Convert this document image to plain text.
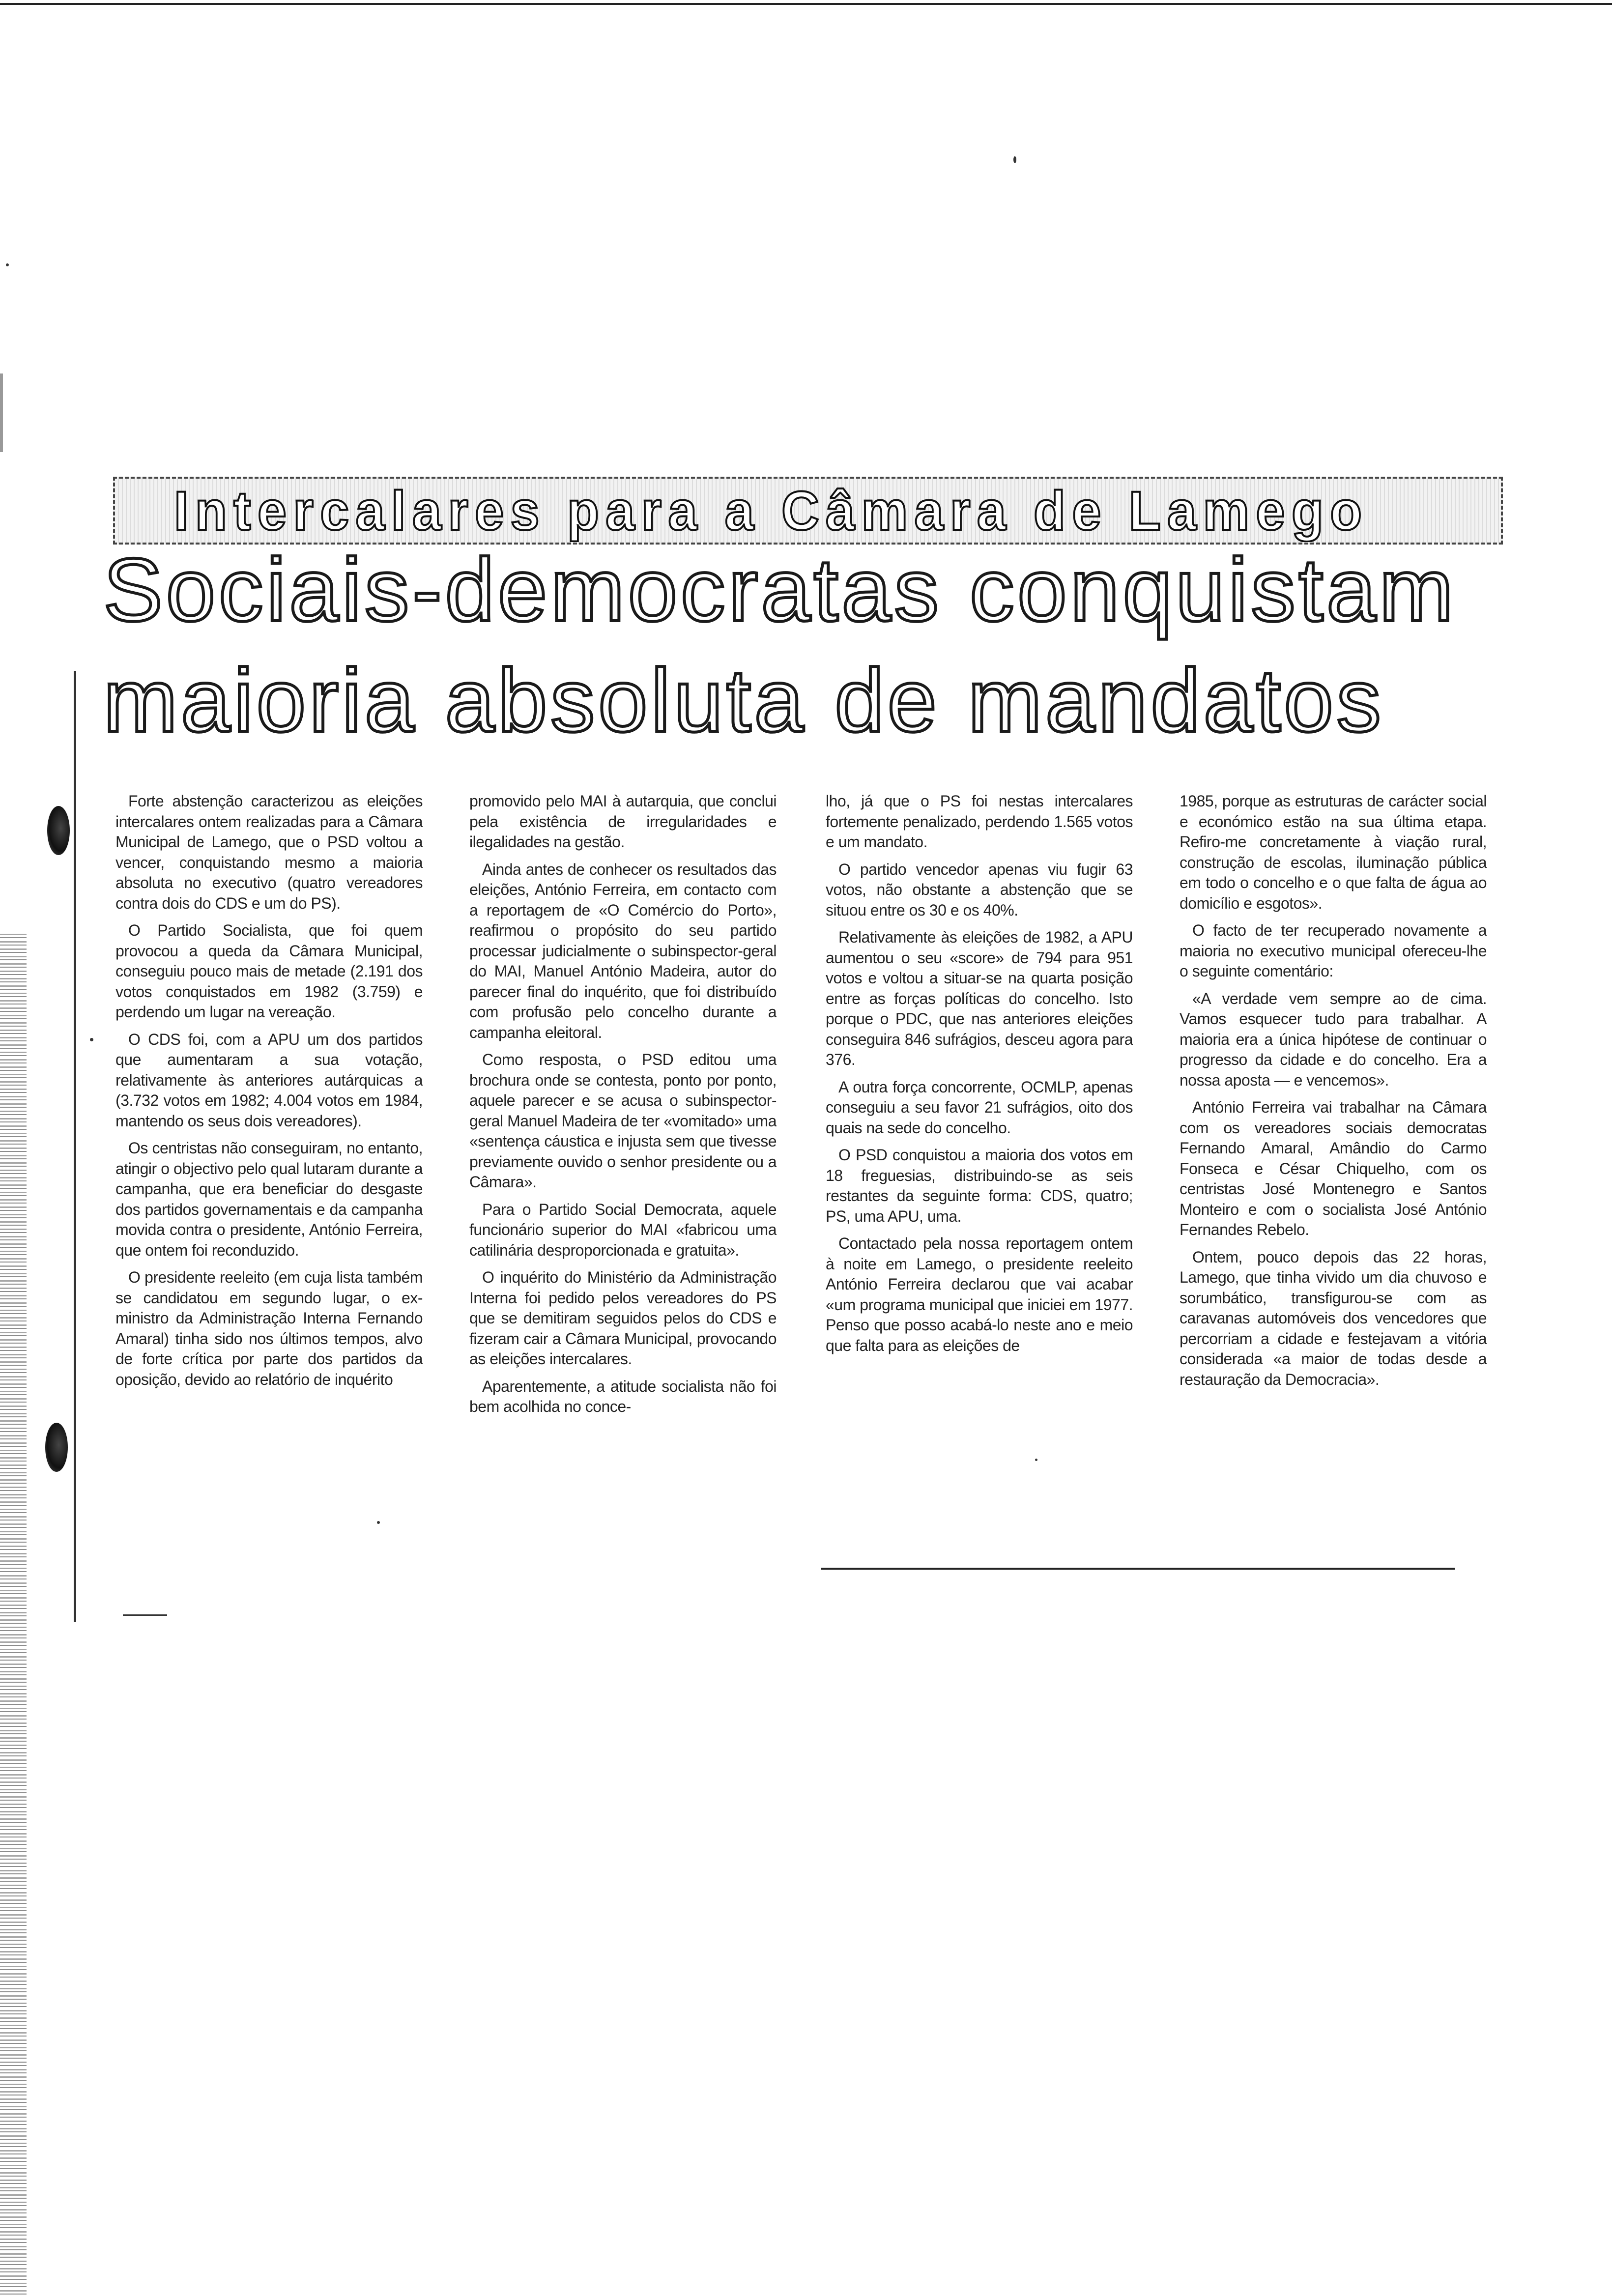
Intercalares para a Câmara de Lamego
Sociais-democratas conquistam
maioria absoluta de mandatos

Forte abstenção caracterizou as eleições intercalares ontem realizadas para a Câmara Municipal de Lamego, que o PSD voltou a vencer, conquistando mesmo a maioria absoluta no executivo (quatro vereadores contra dois do CDS e um do PS).

O Partido Socialista, que foi quem provocou a queda da Câmara Municipal, conseguiu pouco mais de metade (2.191 dos votos conquistados em 1982 (3.759) e perdendo um lugar na vereação.

O CDS foi, com a APU um dos partidos que aumentaram a sua votação, relativamente às anteriores autárquicas a (3.732 votos em 1982; 4.004 votos em 1984, mantendo os seus dois vereadores).

Os centristas não conseguiram, no entanto, atingir o objectivo pelo qual lutaram durante a campanha, que era beneficiar do desgaste dos partidos governamentais e da campanha movida contra o presidente, António Ferreira, que ontem foi reconduzido.

O presidente reeleito (em cuja lista também se candidatou em segundo lugar, o ex-ministro da Administração Interna Fernando Amaral) tinha sido nos últimos tempos, alvo de forte crítica por parte dos partidos da oposição, devido ao relatório de inquérito

promovido pelo MAI à autarquia, que conclui pela existência de irregularidades e ilegalidades na gestão.

Ainda antes de conhecer os resultados das eleições, António Ferreira, em contacto com a reportagem de «O Comércio do Porto», reafirmou o propósito do seu partido processar judicialmente o subinspector-geral do MAI, Manuel António Madeira, autor do parecer final do inquérito, que foi distribuído com profusão pelo concelho durante a campanha eleitoral.

Como resposta, o PSD editou uma brochura onde se contesta, ponto por ponto, aquele parecer e se acusa o subinspector-geral Manuel Madeira de ter «vomitado» uma «sentença cáustica e injusta sem que tivesse previamente ouvido o senhor presidente ou a Câmara».

Para o Partido Social Democrata, aquele funcionário superior do MAI «fabricou uma catilinária desproporcionada e gratuita».

O inquérito do Ministério da Administração Interna foi pedido pelos vereadores do PS que se demitiram seguidos pelos do CDS e fizeram cair a Câmara Municipal, provocando as eleições intercalares.

Aparentemente, a atitude socialista não foi bem acolhida no conce-

lho, já que o PS foi nestas intercalares fortemente penalizado, perdendo 1.565 votos e um mandato.

O partido vencedor apenas viu fugir 63 votos, não obstante a abstenção que se situou entre os 30 e os 40%.

Relativamente às eleições de 1982, a APU aumentou o seu «score» de 794 para 951 votos e voltou a situar-se na quarta posição entre as forças políticas do concelho. Isto porque o PDC, que nas anteriores eleições conseguira 846 sufrágios, desceu agora para 376.

A outra força concorrente, OCMLP, apenas conseguiu a seu favor 21 sufrágios, oito dos quais na sede do concelho.

O PSD conquistou a maioria dos votos em 18 freguesias, distribuindo-se as seis restantes da seguinte forma: CDS, quatro; PS, uma APU, uma.

Contactado pela nossa reportagem ontem à noite em Lamego, o presidente reeleito António Ferreira declarou que vai acabar «um programa municipal que iniciei em 1977. Penso que posso acabá-lo neste ano e meio que falta para as eleições de

1985, porque as estruturas de carácter social e económico estão na sua última etapa. Refiro-me concretamente à viação rural, construção de escolas, iluminação pública em todo o concelho e o que falta de água ao domicílio e esgotos».

O facto de ter recuperado novamente a maioria no executivo municipal ofereceu-lhe o seguinte comentário:

«A verdade vem sempre ao de cima. Vamos esquecer tudo para trabalhar. A maioria era a única hipótese de continuar o progresso da cidade e do concelho. Era a nossa aposta — e vencemos».

António Ferreira vai trabalhar na Câmara com os vereadores sociais democratas Fernando Amaral, Amândio do Carmo Fonseca e César Chiquelho, com os centristas José Montenegro e Santos Monteiro e com o socialista José António Fernandes Rebelo.

Ontem, pouco depois das 22 horas, Lamego, que tinha vivido um dia chuvoso e sorumbático, transfigurou-se com as caravanas automóveis dos vencedores que percorriam a cidade e festejavam a vitória considerada «a maior de todas desde a restauração da Democracia».
